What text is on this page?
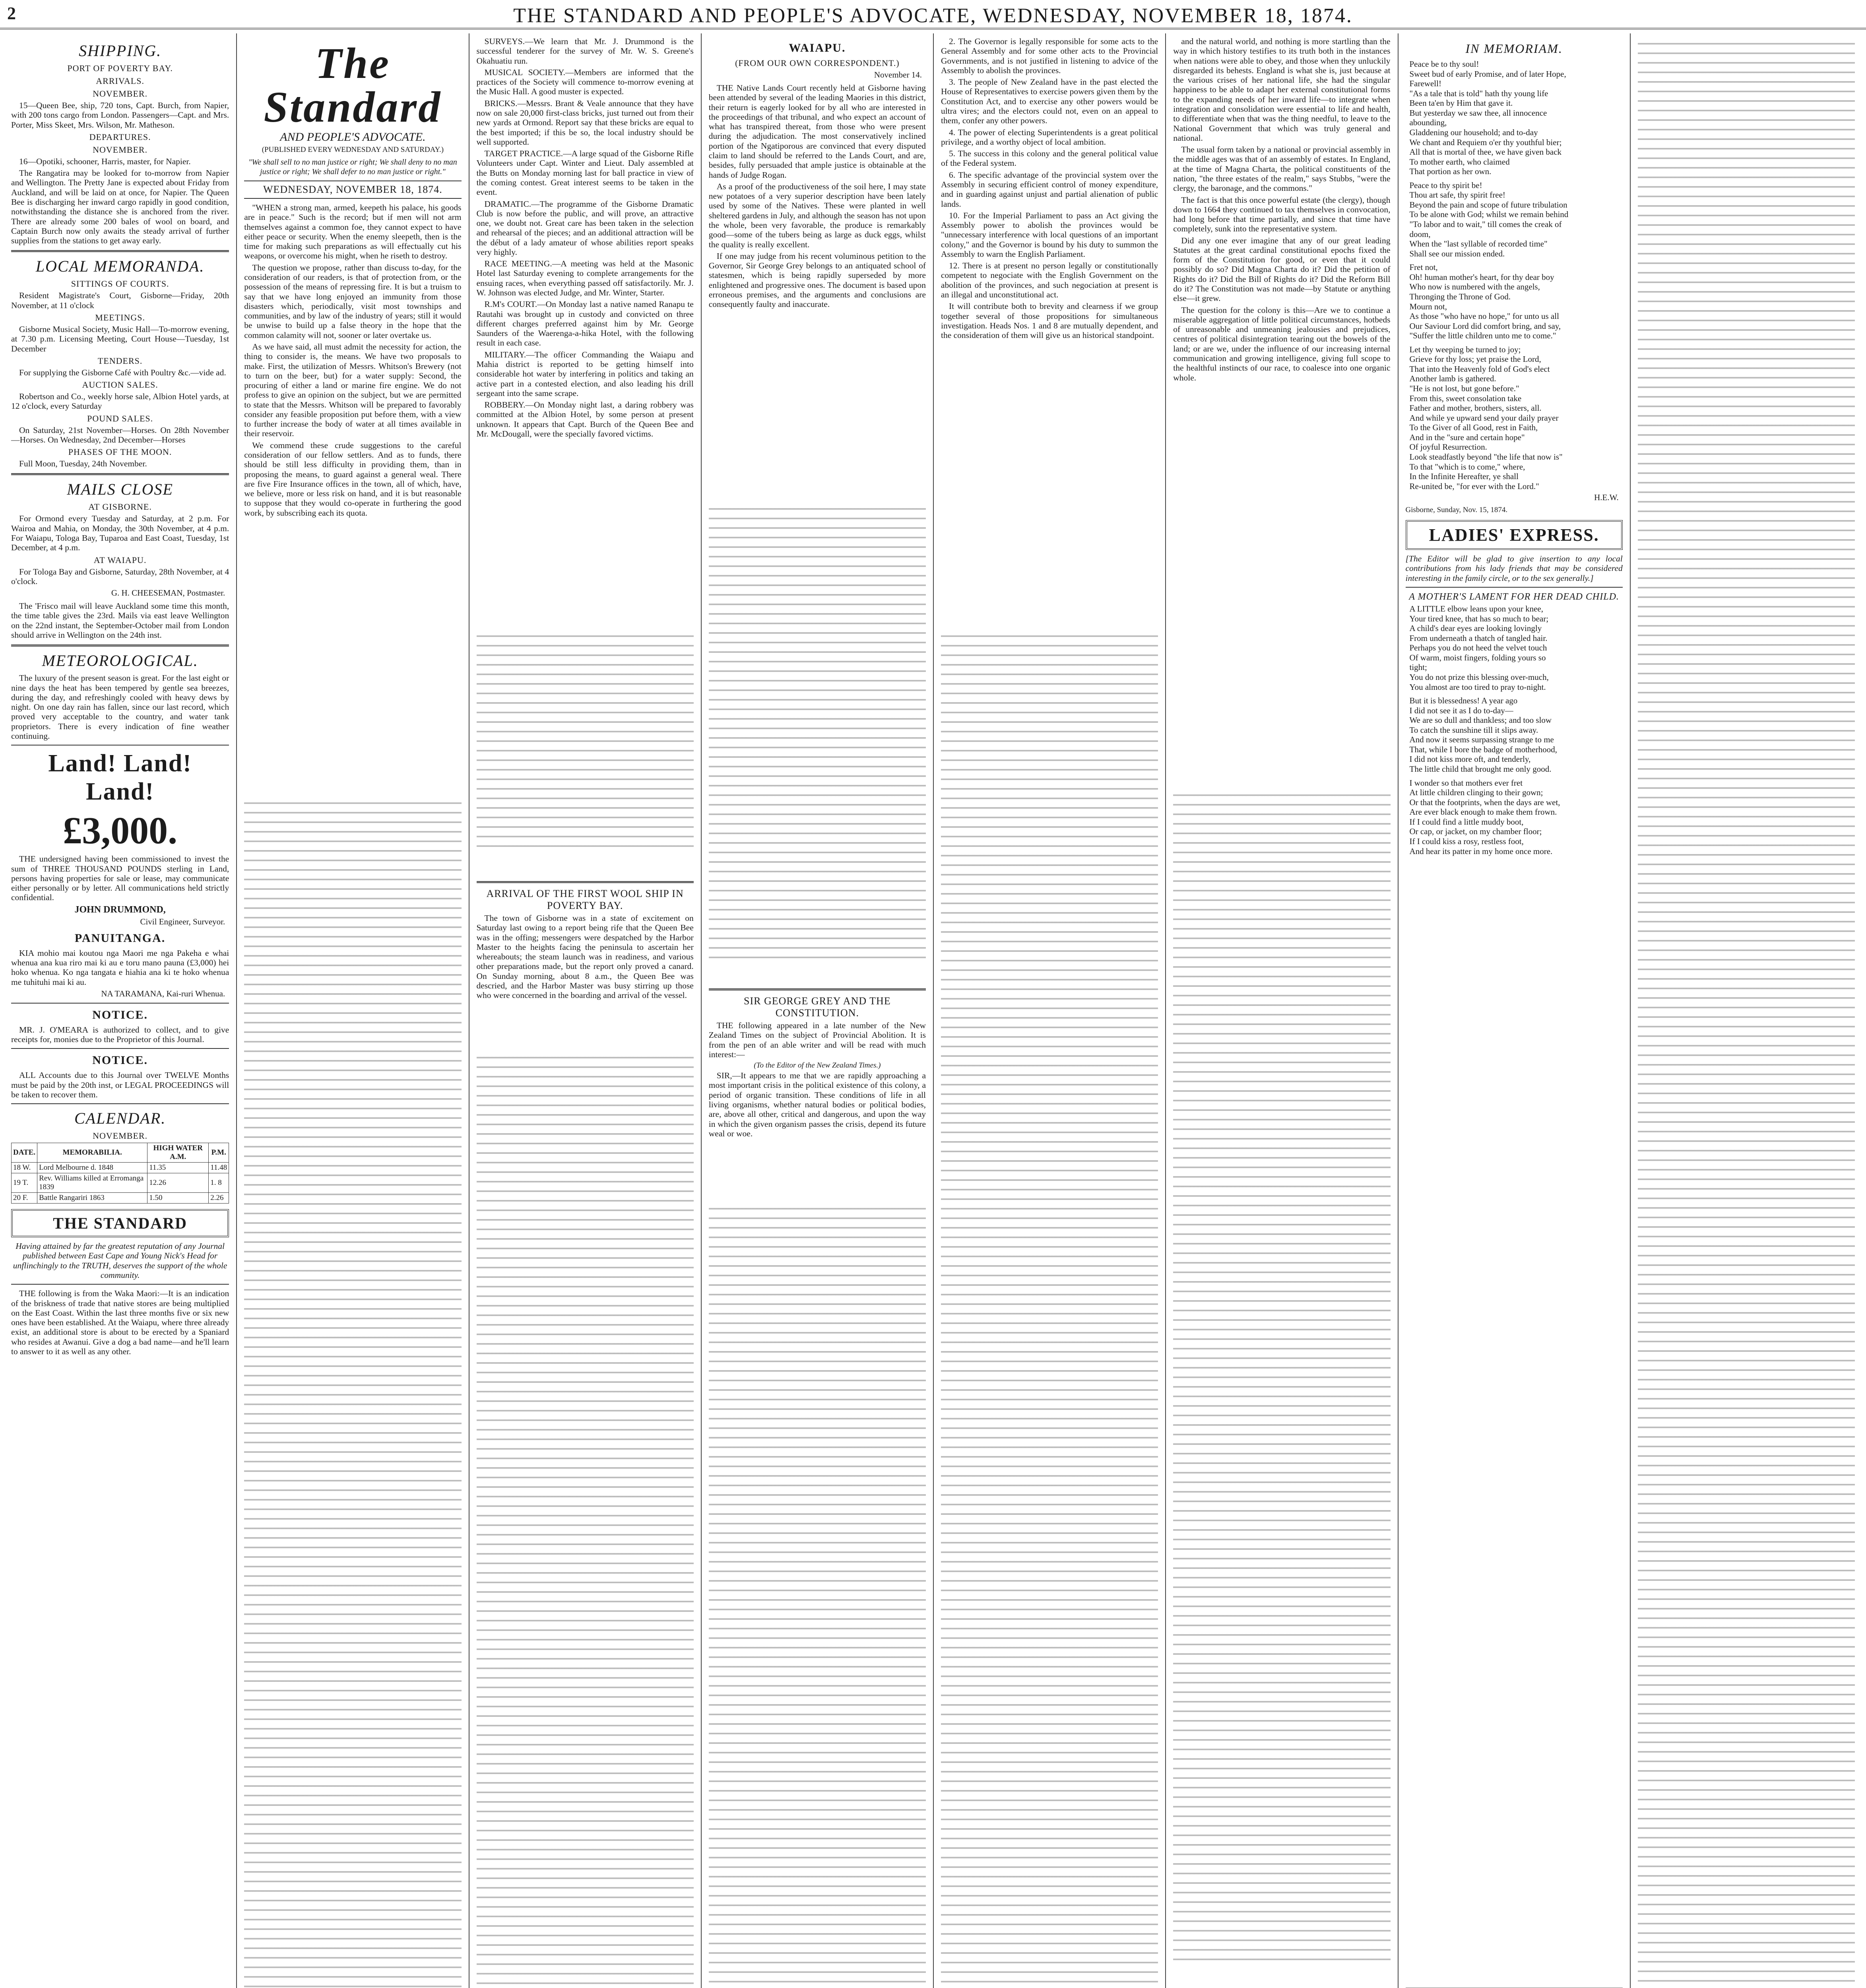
2	THE STANDARD AND PEOPLE'S ADVOCATE, WEDNESDAY, NOVEMBER 18, 1874.
SHIPPING.
PORT OF POVERTY BAY.
ARRIVALS.
NOVEMBER.

15—Queen Bee, ship, 720 tons, Capt. Burch, from Napier, with 200 tons cargo from London. Passengers—Capt. and Mrs. Porter, Miss Skeet, Mrs. Wilson, Mr. Matheson.

DEPARTURES.
NOVEMBER.

16—Opotiki, schooner, Harris, master, for Napier.

The Rangatira may be looked for to-morrow from Napier and Wellington. The Pretty Jane is expected about Friday from Auckland, and will be laid on at once, for Napier. The Queen Bee is discharging her inward cargo rapidly in good condition, notwithstanding the distance she is anchored from the river. There are already some 200 bales of wool on board, and Captain Burch now only awaits the steady arrival of further supplies from the stations to get away early.

LOCAL MEMORANDA.
SITTINGS OF COURTS.

Resident Magistrate's Court, Gisborne—Friday, 20th November, at 11 o'clock

MEETINGS.

Gisborne Musical Society, Music Hall—To-morrow evening, at 7.30 p.m. Licensing Meeting, Court House—Tuesday, 1st December

TENDERS.

For supplying the Gisborne Café with Poultry &c.—vide ad.

AUCTION SALES.

Robertson and Co., weekly horse sale, Albion Hotel yards, at 12 o'clock, every Saturday

POUND SALES.

On Saturday, 21st November—Horses. On 28th November—Horses. On Wednesday, 2nd December—Horses

PHASES OF THE MOON.

Full Moon, Tuesday, 24th November.

MAILS CLOSE
AT GISBORNE.

For Ormond every Tuesday and Saturday, at 2 p.m. For Wairoa and Mahia, on Monday, the 30th November, at 4 p.m. For Waiapu, Tologa Bay, Tuparoa and East Coast, Tuesday, 1st December, at 4 p.m.

AT WAIAPU.

For Tologa Bay and Gisborne, Saturday, 28th November, at 4 o'clock.

G. H. CHEESEMAN, Postmaster.

The 'Frisco mail will leave Auckland some time this month, the time table gives the 23rd. Mails via east leave Wellington on the 22nd instant, the September-October mail from London should arrive in Wellington on the 24th inst.

METEOROLOGICAL.

The luxury of the present season is great. For the last eight or nine days the heat has been tempered by gentle sea breezes, during the day, and refreshingly cooled with heavy dews by night. On one day rain has fallen, since our last record, which proved very acceptable to the country, and water tank proprietors. There is every indication of fine weather continuing.

Land! Land! Land!
£3,000.

THE undersigned having been commissioned to invest the sum of THREE THOUSAND POUNDS sterling in Land, persons having properties for sale or lease, may communicate either personally or by letter. All communications held strictly confidential.

JOHN DRUMMOND,
Civil Engineer, Surveyor.
PANUITANGA.

KIA mohio mai koutou nga Maori me nga Pakeha e whai whenua ana kua riro mai ki au e toru mano pauna (£3,000) hei hoko whenua. Ko nga tangata e hiahia ana ki te hoko whenua me tuhituhi mai ki au.

NA TARAMANA, Kai-ruri Whenua.
NOTICE.

MR. J. O'MEARA is authorized to collect, and to give receipts for, monies due to the Proprietor of this Journal.

NOTICE.

ALL Accounts due to this Journal over TWELVE Months must be paid by the 20th inst, or LEGAL PROCEEDINGS will be taken to recover them.

CALENDAR.
NOVEMBER.
DATE.	MEMORABILIA.	HIGH WATER A.M.	P.M.
18 W.	Lord Melbourne d. 1848	11.35	11.48
19 T.	Rev. Williams killed at Erromanga 1839	12.26	1. 8
20 F.	Battle Rangariri 1863	1.50	2.26
THE STANDARD

Having attained by far the greatest reputation of any Journal published between East Cape and Young Nick's Head for unflinchingly to the TRUTH, deserves the support of the whole community.

THE following is from the Waka Maori:—It is an indication of the briskness of trade that native stores are being multiplied on the East Coast. Within the last three months five or six new ones have been established. At the Waiapu, where three already exist, an additional store is about to be erected by a Spaniard who resides at Awanui. Give a dog a bad name—and he'll learn to answer to it as well as any other.

The Standard
AND PEOPLE'S ADVOCATE.
(PUBLISHED EVERY WEDNESDAY AND SATURDAY.)
"We shall sell to no man justice or right; We shall deny to no man justice or right; We shall defer to no man justice or right."
WEDNESDAY, NOVEMBER 18, 1874.

"WHEN a strong man, armed, keepeth his palace, his goods are in peace." Such is the record; but if men will not arm themselves against a common foe, they cannot expect to have either peace or security. When the enemy sleepeth, then is the time for making such preparations as will effectually cut his weapons, or overcome his might, when he riseth to destroy.

The question we propose, rather than discuss to-day, for the consideration of our readers, is that of protection from, or the possession of the means of repressing fire. It is but a truism to say that we have long enjoyed an immunity from those disasters which, periodically, visit most townships and communities, and by law of the industry of years; still it would be unwise to build up a false theory in the hope that the common calamity will not, sooner or later overtake us.

As we have said, all must admit the necessity for action, the thing to consider is, the means. We have two proposals to make. First, the utilization of Messrs. Whitson's Brewery (not to turn on the beer, but) for a water supply: Second, the procuring of either a land or marine fire engine. We do not profess to give an opinion on the subject, but we are permitted to state that the Messrs. Whitson will be prepared to favorably consider any feasible proposition put before them, with a view to further increase the body of water at all times available in their reservoir.

We commend these crude suggestions to the careful consideration of our fellow settlers. And as to funds, there should be still less difficulty in providing them, than in proposing the means, to guard against a general weal. There are five Fire Insurance offices in the town, all of which, have, we believe, more or less risk on hand, and it is but reasonable to suppose that they would co-operate in furthering the good work, by subscribing each its quota.

SURVEYS.—We learn that Mr. J. Drummond is the successful tenderer for the survey of Mr. W. S. Greene's Okahuatiu run.

MUSICAL SOCIETY.—Members are informed that the practices of the Society will commence to-morrow evening at the Music Hall. A good muster is expected.

BRICKS.—Messrs. Brant & Veale announce that they have now on sale 20,000 first-class bricks, just turned out from their new yards at Ormond. Report say that these bricks are equal to the best imported; if this be so, the local industry should be well supported.

TARGET PRACTICE.—A large squad of the Gisborne Rifle Volunteers under Capt. Winter and Lieut. Daly assembled at the Butts on Monday morning last for ball practice in view of the coming contest. Great interest seems to be taken in the event.

DRAMATIC.—The programme of the Gisborne Dramatic Club is now before the public, and will prove, an attractive one, we doubt not. Great care has been taken in the selection and rehearsal of the pieces; and an additional attraction will be the début of a lady amateur of whose abilities report speaks very highly.

RACE MEETING.—A meeting was held at the Masonic Hotel last Saturday evening to complete arrangements for the ensuing races, when everything passed off satisfactorily. Mr. J. W. Johnson was elected Judge, and Mr. Winter, Starter.

R.M's COURT.—On Monday last a native named Ranapu te Rautahi was brought up in custody and convicted on three different charges preferred against him by Mr. George Saunders of the Waerenga-a-hika Hotel, with the following result in each case.

MILITARY.—The officer Commanding the Waiapu and Mahia district is reported to be getting himself into considerable hot water by interfering in politics and taking an active part in a contested election, and also leading his drill sergeant into the same scrape.

ROBBERY.—On Monday night last, a daring robbery was committed at the Albion Hotel, by some person at present unknown. It appears that Capt. Burch of the Queen Bee and Mr. McDougall, were the specially favored victims.

ARRIVAL OF THE FIRST WOOL SHIP IN POVERTY BAY.

The town of Gisborne was in a state of excitement on Saturday last owing to a report being rife that the Queen Bee was in the offing; messengers were despatched by the Harbor Master to the heights facing the peninsula to ascertain her whereabouts; the steam launch was in readiness, and various other preparations made, but the report only proved a canard. On Sunday morning, about 8 a.m., the Queen Bee was descried, and the Harbor Master was busy stirring up those who were concerned in the boarding and arrival of the vessel.

WAIAPU.
(FROM OUR OWN CORRESPONDENT.)
November 14.

THE Native Lands Court recently held at Gisborne having been attended by several of the leading Maories in this district, their return is eagerly looked for by all who are interested in the proceedings of that tribunal, and who expect an account of what has transpired thereat, from those who were present during the adjudication. The most conservatively inclined portion of the Ngatiporous are convinced that every disputed claim to land should be referred to the Lands Court, and are, besides, fully persuaded that ample justice is obtainable at the hands of Judge Rogan.

As a proof of the productiveness of the soil here, I may state new potatoes of a very superior description have been lately used by some of the Natives. These were planted in well sheltered gardens in July, and although the season has not upon the whole, been very favorable, the produce is remarkably good—some of the tubers being as large as duck eggs, whilst the quality is really excellent.

If one may judge from his recent voluminous petition to the Governor, Sir George Grey belongs to an antiquated school of statesmen, which is being rapidly superseded by more enlightened and progressive ones. The document is based upon erroneous premises, and the arguments and conclusions are consequently faulty and inaccurate.

SIR GEORGE GREY AND THE CONSTITUTION.

THE following appeared in a late number of the New Zealand Times on the subject of Provincial Abolition. It is from the pen of an able writer and will be read with much interest:—

(To the Editor of the New Zealand Times.)

SIR,—It appears to me that we are rapidly approaching a most important crisis in the political existence of this colony, a period of organic transition. These conditions of life in all living organisms, whether natural bodies or political bodies, are, above all other, critical and dangerous, and upon the way in which the given organism passes the crisis, depend its future weal or woe.

2. The Governor is legally responsible for some acts to the General Assembly and for some other acts to the Provincial Governments, and is not justified in listening to advice of the Assembly to abolish the provinces.

3. The people of New Zealand have in the past elected the House of Representatives to exercise powers given them by the Constitution Act, and to exercise any other powers would be ultra vires; and the electors could not, even on an appeal to them, confer any other powers.

4. The power of electing Superintendents is a great political privilege, and a worthy object of local ambition.

5. The success in this colony and the general political value of the Federal system.

6. The specific advantage of the provincial system over the Assembly in securing efficient control of money expenditure, and in guarding against unjust and partial alienation of public lands.

10. For the Imperial Parliament to pass an Act giving the Assembly power to abolish the provinces would be "unnecessary interference with local questions of an important colony," and the Governor is bound by his duty to summon the Assembly to warn the English Parliament.

12. There is at present no person legally or constitutionally competent to negociate with the English Government on the abolition of the provinces, and such negociation at present is an illegal and unconstitutional act.

It will contribute both to brevity and clearness if we group together several of those propositions for simultaneous investigation. Heads Nos. 1 and 8 are mutually dependent, and the consideration of them will give us an historical standpoint.

and the natural world, and nothing is more startling than the way in which history testifies to its truth both in the instances when nations were able to obey, and those when they unluckily disregarded its behests. England is what she is, just because at the various crises of her national life, she had the singular happiness to be able to adapt her external constitutional forms to the expanding needs of her inward life—to integrate when integration and consolidation were essential to life and health, to differentiate when that was the thing needful, to leave to the National Government that which was truly general and national.

The usual form taken by a national or provincial assembly in the middle ages was that of an assembly of estates. In England, at the time of Magna Charta, the political constituents of the nation, "the three estates of the realm," says Stubbs, "were the clergy, the baronage, and the commons."

The fact is that this once powerful estate (the clergy), though down to 1664 they continued to tax themselves in convocation, had long before that time partially, and since that time have completely, sunk into the representative system.

Did any one ever imagine that any of our great leading Statutes at the great cardinal constitutional epochs fixed the form of the Constitution for good, or even that it could possibly do so? Did Magna Charta do it? Did the petition of Rights do it? Did the Bill of Rights do it? Did the Reform Bill do it? The Constitution was not made—by Statute or anything else—it grew.

The question for the colony is this—Are we to continue a miserable aggregation of little political circumstances, hotbeds of unreasonable and unmeaning jealousies and prejudices, centres of political disintegration tearing out the bowels of the land; or are we, under the influence of our increasing internal communication and growing intelligence, giving full scope to the healthful instincts of our race, to coalesce into one organic whole.

IN MEMORIAM.
Peace be to thy soul!
Sweet bud of early Promise, and of later Hope,
Farewell!
"As a tale that is told" hath thy young life
Been ta'en by Him that gave it.
But yesterday we saw thee, all innocence
abounding,
Gladdening our household; and to-day
We chant and Requiem o'er thy youthful bier;
All that is mortal of thee, we have given back
To mother earth, who claimed
That portion as her own.
Peace to thy spirit be!
Thou art safe, thy spirit free!
Beyond the pain and scope of future tribulation
To be alone with God; whilst we remain behind
"To labor and to wait," till comes the creak of
doom,
When the "last syllable of recorded time"
Shall see our mission ended.
Fret not,
Oh! human mother's heart, for thy dear boy
Who now is numbered with the angels,
Thronging the Throne of God.
Mourn not,
As those "who have no hope," for unto us all
Our Saviour Lord did comfort bring, and say,
"Suffer the little children unto me to come."
Let thy weeping be turned to joy;
Grieve for thy loss; yet praise the Lord,
That into the Heavenly fold of God's elect
Another lamb is gathered.
"He is not lost, but gone before."
From this, sweet consolation take
Father and mother, brothers, sisters, all.
And while ye upward send your daily prayer
To the Giver of all Good, rest in Faith,
And in the "sure and certain hope"
Of joyful Resurrection.
Look steadfastly beyond "the life that now is"
To that "which is to come," where,
In the Infinite Hereafter, ye shall
Re-united be, "for ever with the Lord."
H.E.W.
Gisborne, Sunday, Nov. 15, 1874.
LADIES' EXPRESS.

[The Editor will be glad to give insertion to any local contributions from his lady friends that may be considered interesting in the family circle, or to the sex generally.]

A MOTHER'S LAMENT FOR HER DEAD CHILD.
A LITTLE elbow leans upon your knee,
Your tired knee, that has so much to bear;
A child's dear eyes are looking lovingly
From underneath a thatch of tangled hair.
Perhaps you do not heed the velvet touch
Of warm, moist fingers, folding yours so
tight;
You do not prize this blessing over-much,
You almost are too tired to pray to-night.
But it is blessedness! A year ago
I did not see it as I do to-day—
We are so dull and thankless; and too slow
To catch the sunshine till it slips away.
And now it seems surpassing strange to me
That, while I bore the badge of motherhood,
I did not kiss more oft, and tenderly,
The little child that brought me only good.
I wonder so that mothers ever fret
At little children clinging to their gown;
Or that the footprints, when the days are wet,
Are ever black enough to make them frown.
If I could find a little muddy boot,
Or cap, or jacket, on my chamber floor;
If I could kiss a rosy, restless foot,
And hear its patter in my home once more.
